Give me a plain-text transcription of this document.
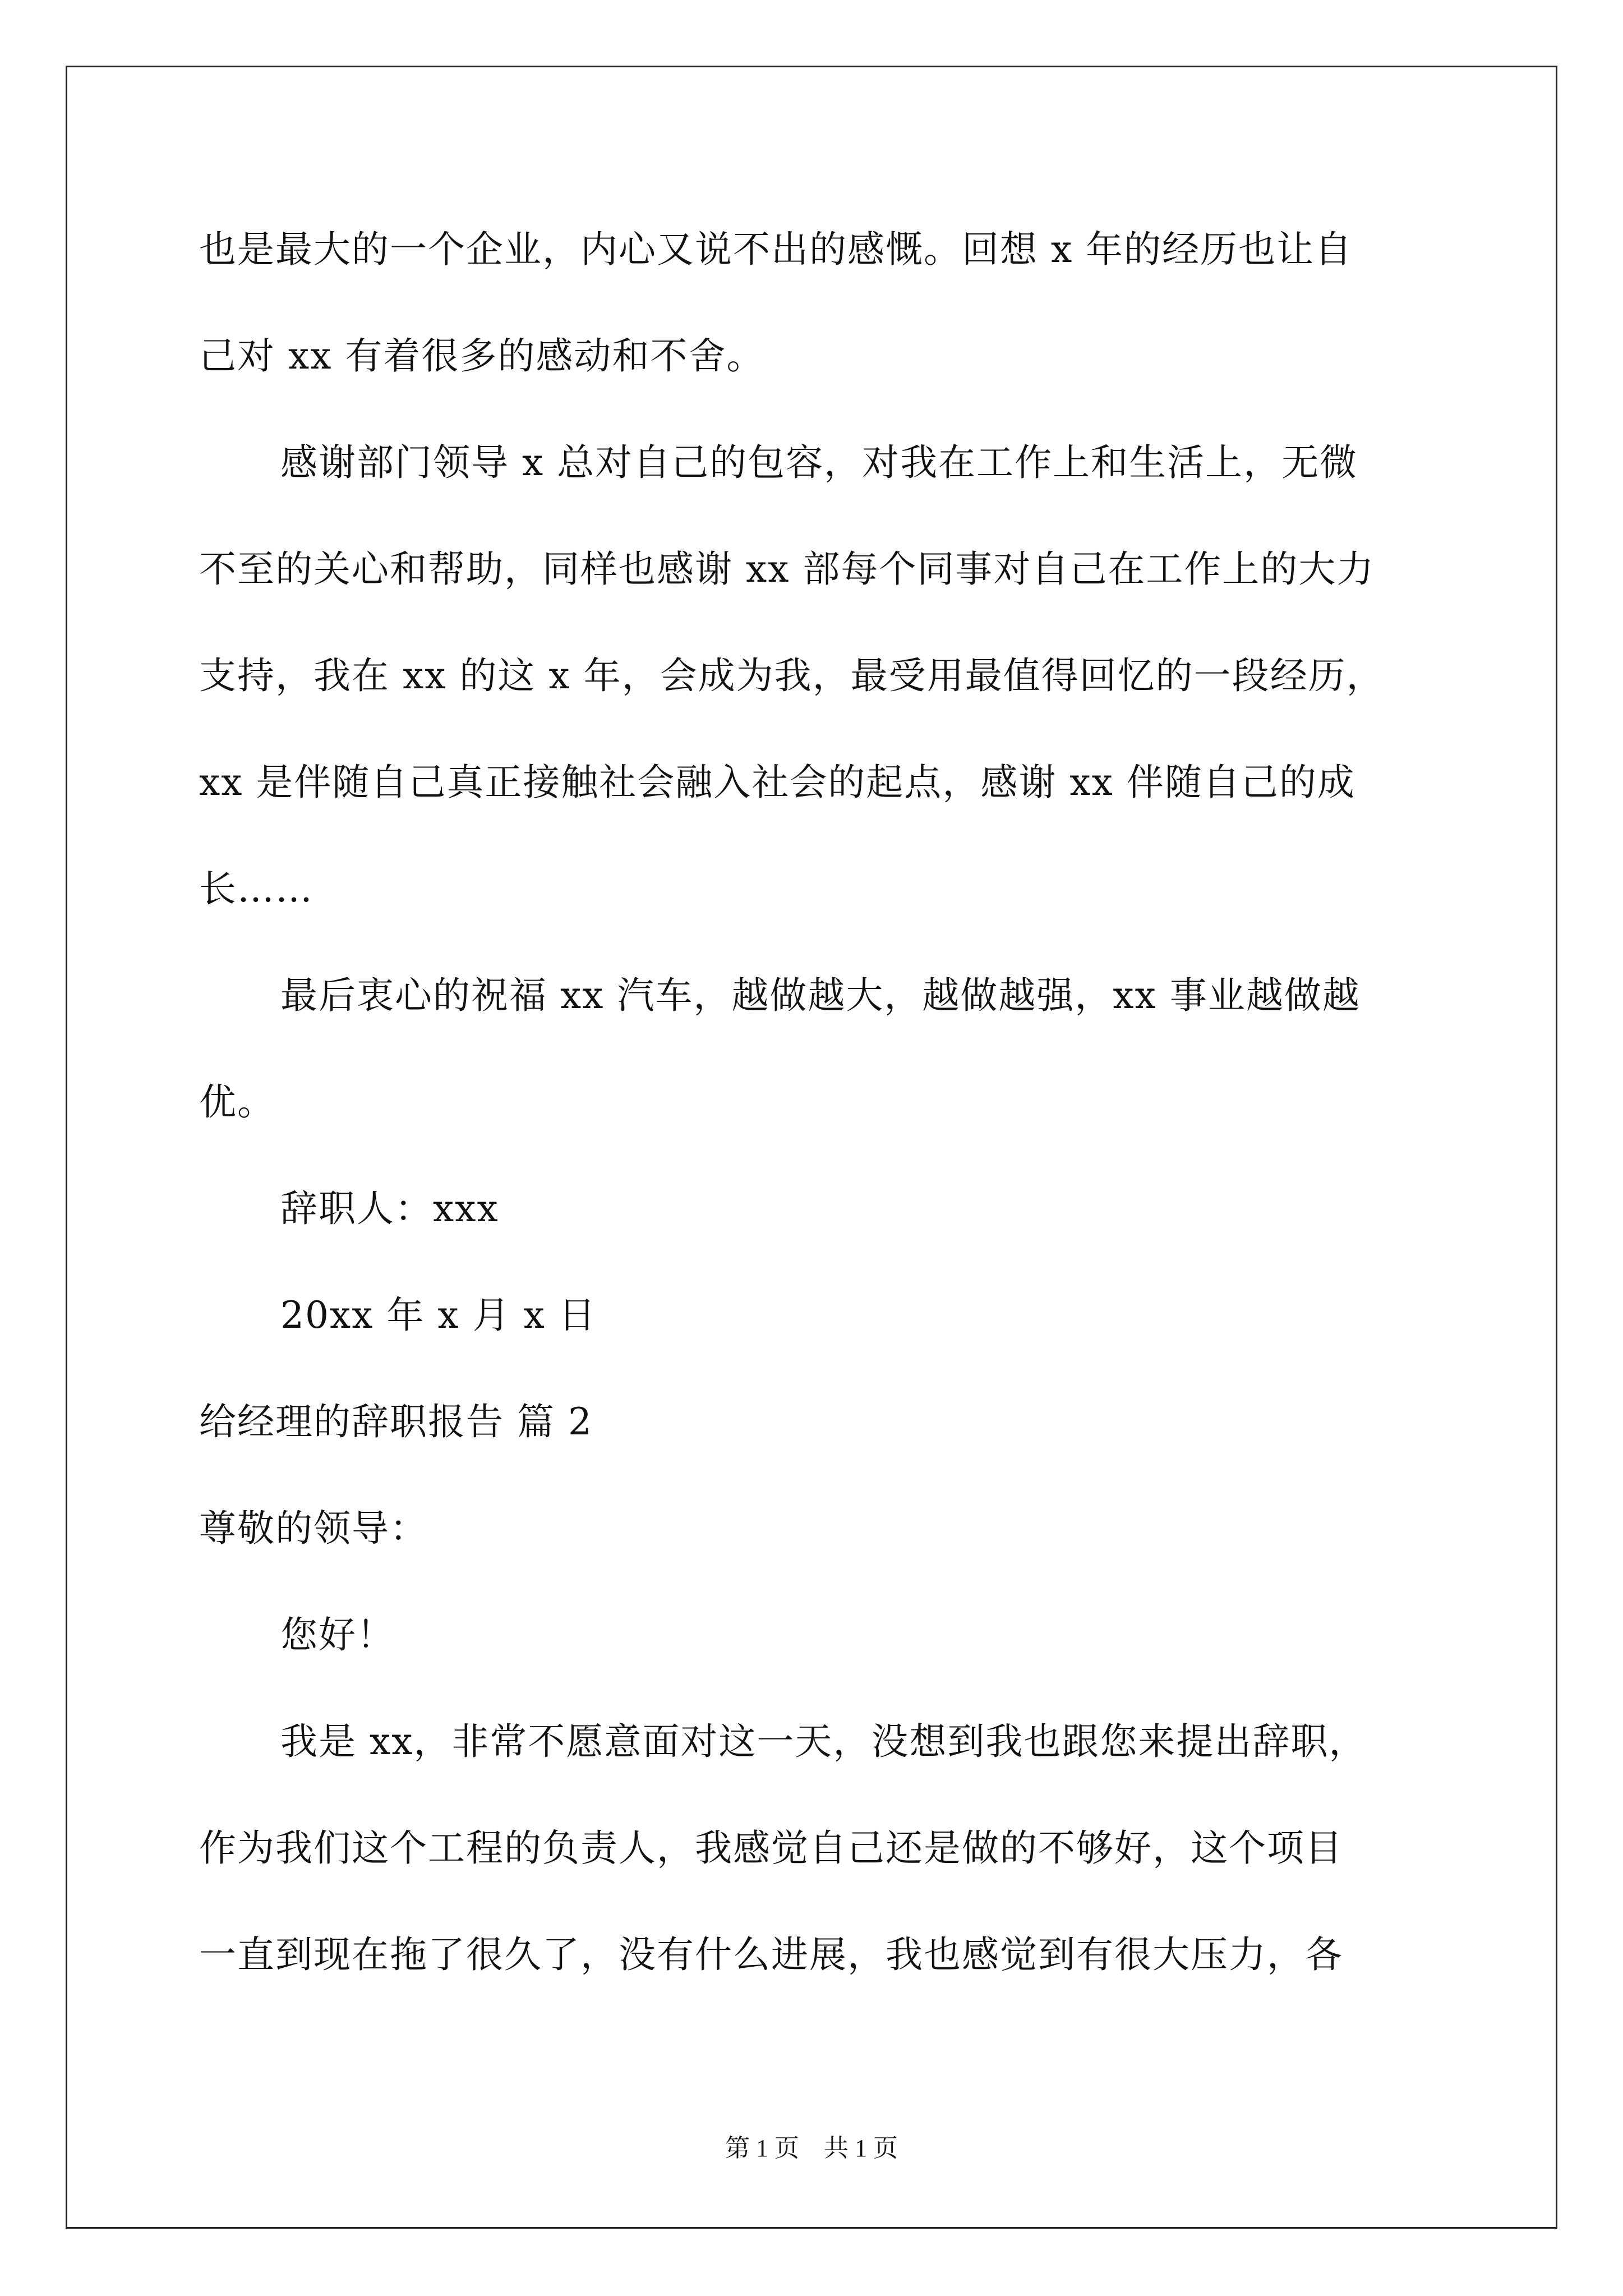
也是最大的一个企业，内心又说不出的感慨。回想 x 年的经历也让自
己对 xx 有着很多的感动和不舍。
感谢部门领导 x 总对自己的包容，对我在工作上和生活上，无微
不至的关心和帮助，同样也感谢 xx 部每个同事对自己在工作上的大力
支持，我在 xx 的这 x 年，会成为我，最受用最值得回忆的一段经历，
xx 是伴随自己真正接触社会融入社会的起点，感谢 xx 伴随自己的成
长……
最后衷心的祝福 xx 汽车，越做越大，越做越强，xx 事业越做越
优。
辞职人：xxx
20xx 年 x 月 x 日
给经理的辞职报告 篇 2
尊敬的领导：
您好！
我是 xx，非常不愿意面对这一天，没想到我也跟您来提出辞职，
作为我们这个工程的负责人，我感觉自己还是做的不够好，这个项目
一直到现在拖了很久了，没有什么进展，我也感觉到有很大压力，各
第 1 页　共 1 页
